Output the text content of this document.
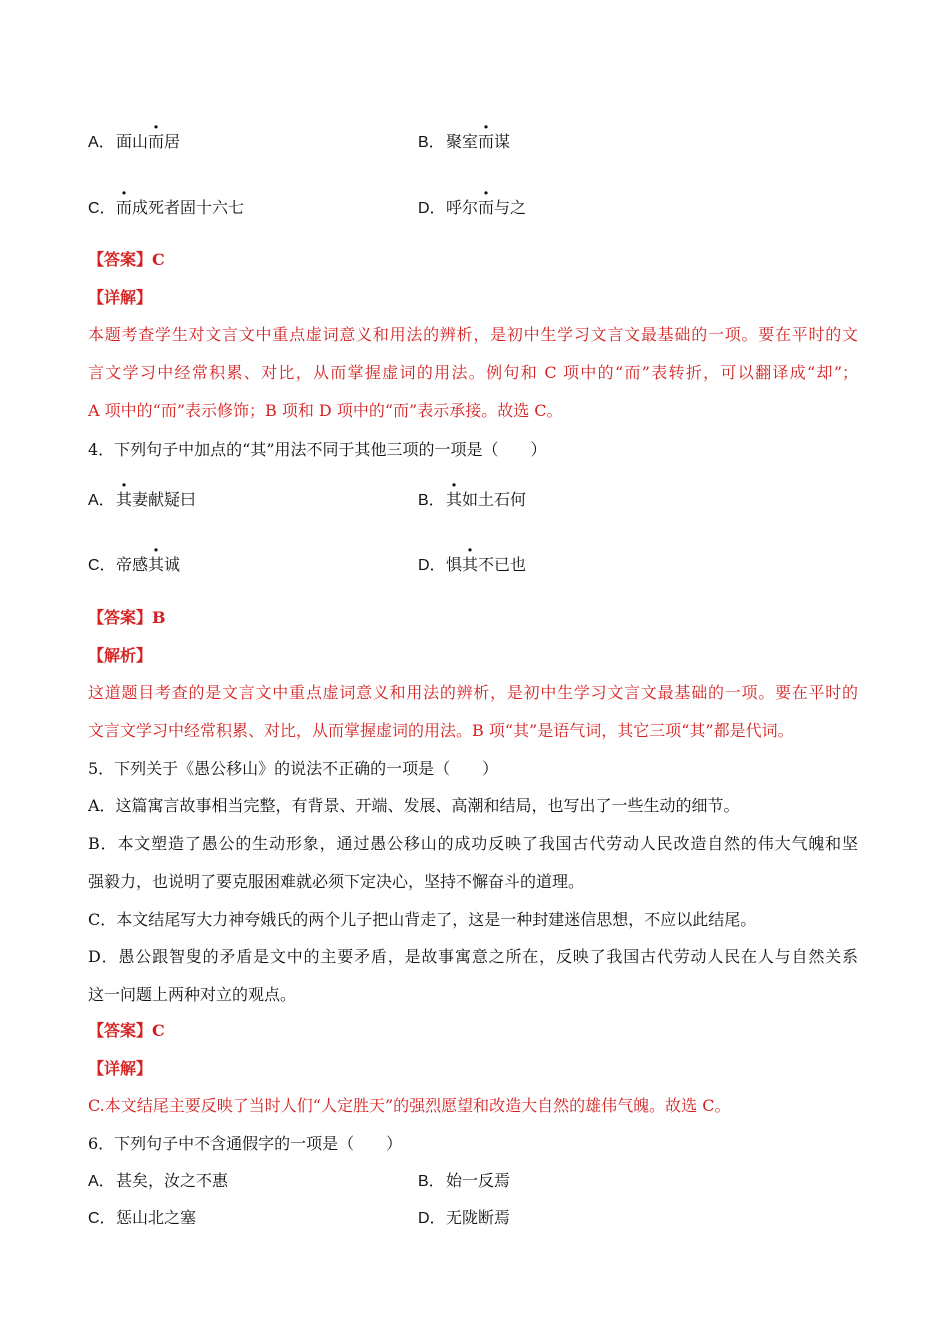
A．面山而居	B．聚室而谋
C．而成死者固十六七	D．呼尔而与之
【答案】C
【详解】
本题考查学生对文言文中重点虚词意义和用法的辨析，是初中生学习文言文最基础的一项。要在平时的文
言文学习中经常积累、对比，从而掌握虚词的用法。例句和 C 项中的“而”表转折，可以翻译成“却”；
A 项中的“而”表示修饰；B 项和 D 项中的“而”表示承接。故选 C。
4．下列句子中加点的“其”用法不同于其他三项的一项是（　　）
A．其妻献疑曰	B．其如土石何
C．帝感其诚	D．惧其不已也
【答案】B
【解析】
这道题目考查的是文言文中重点虚词意义和用法的辨析，是初中生学习文言文最基础的一项。要在平时的
文言文学习中经常积累、对比，从而掌握虚词的用法。B 项“其”是语气词，其它三项“其”都是代词。
5．下列关于《愚公移山》的说法不正确的一项是（　　）
A．这篇寓言故事相当完整，有背景、开端、发展、高潮和结局，也写出了一些生动的细节。
B．本文塑造了愚公的生动形象，通过愚公移山的成功反映了我国古代劳动人民改造自然的伟大气魄和坚
强毅力，也说明了要克服困难就必须下定决心，坚持不懈奋斗的道理。
C．本文结尾写大力神夸娥氏的两个儿子把山背走了，这是一种封建迷信思想，不应以此结尾。
D．愚公跟智叟的矛盾是文中的主要矛盾，是故事寓意之所在，反映了我国古代劳动人民在人与自然关系
这一问题上两种对立的观点。
【答案】C
【详解】
C.本文结尾主要反映了当时人们“人定胜天”的强烈愿望和改造大自然的雄伟气魄。故选 C。
6．下列句子中不含通假字的一项是（　　）
A．甚矣，汝之不惠	B．始一反焉
C．惩山北之塞	D．无陇断焉
